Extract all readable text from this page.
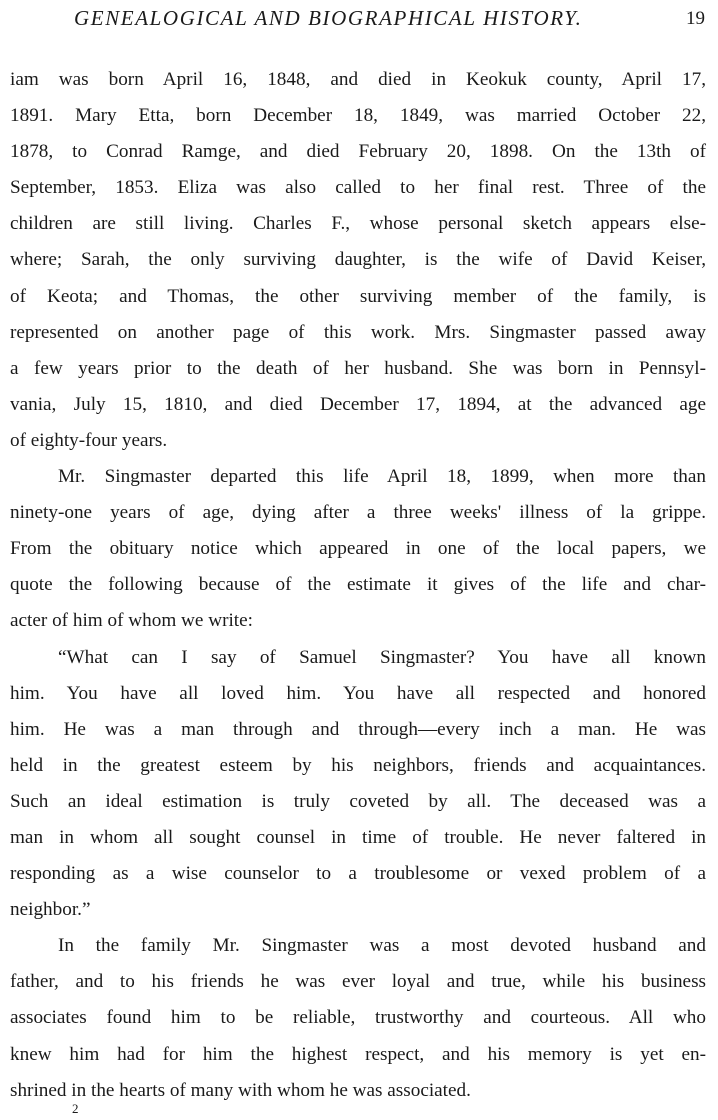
GENEALOGICAL AND BIOGRAPHICAL HISTORY.	19
iam was born April 16, 1848, and died in Keokuk county, April 17,
1891. Mary Etta, born December 18, 1849, was married October 22,
1878, to Conrad Ramge, and died February 20, 1898. On the 13th of
September, 1853. Eliza was also called to her final rest. Three of the
children are still living. Charles F., whose personal sketch appears else-
where; Sarah, the only surviving daughter, is the wife of David Keiser,
of Keota; and Thomas, the other surviving member of the family, is
represented on another page of this work. Mrs. Singmaster passed away
a few years prior to the death of her husband. She was born in Pennsyl-
vania, July 15, 1810, and died December 17, 1894, at the advanced age
of eighty-four years.
Mr. Singmaster departed this life April 18, 1899, when more than
ninety-one years of age, dying after a three weeks' illness of la grippe.
From the obituary notice which appeared in one of the local papers, we
quote the following because of the estimate it gives of the life and char-
acter of him of whom we write:
“What can I say of Samuel Singmaster? You have all known
him. You have all loved him. You have all respected and honored
him. He was a man through and through—every inch a man. He was
held in the greatest esteem by his neighbors, friends and acquaintances.
Such an ideal estimation is truly coveted by all. The deceased was a
man in whom all sought counsel in time of trouble. He never faltered in
responding as a wise counselor to a troublesome or vexed problem of a
neighbor.”
In the family Mr. Singmaster was a most devoted husband and
father, and to his friends he was ever loyal and true, while his business
associates found him to be reliable, trustworthy and courteous. All who
knew him had for him the highest respect, and his memory is yet en-
shrined in the hearts of many with whom he was associated.
2
